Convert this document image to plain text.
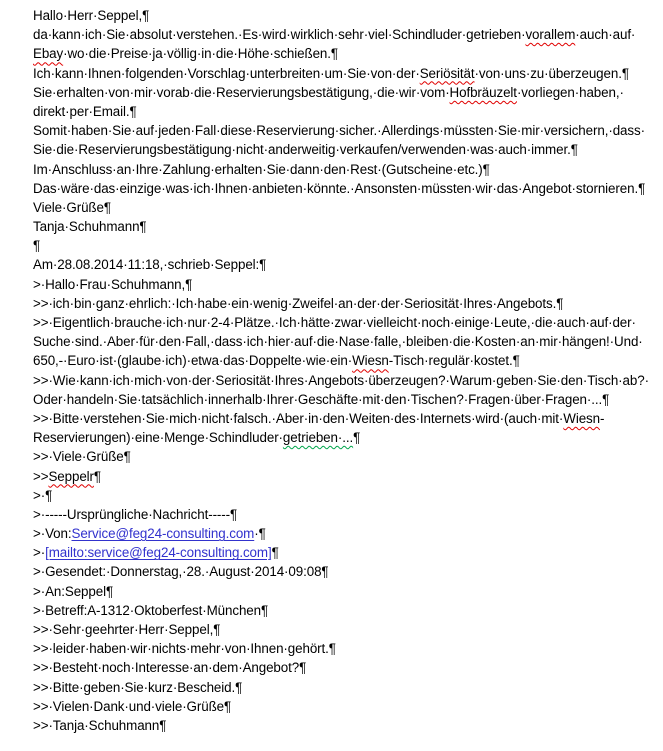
Hallo·Herr·Seppel,¶
da·kann·ich·Sie·absolut·verstehen.·Es·wird·wirklich·sehr·viel·Schindluder·getrieben·vorallem·auch·auf·
Ebay·wo·die·Preise·ja·völlig·in·die·Höhe·schießen.¶
Ich·kann·Ihnen·folgenden·Vorschlag·unterbreiten·um·Sie·von·der·Seriösität·von·uns·zu·überzeugen.¶
Sie·erhalten·von·mir·vorab·die·Reservierungsbestätigung,·die·wir·vom·Hofbräuzelt·vorliegen·haben,·
direkt·per·Email.¶
Somit·haben·Sie·auf·jeden·Fall·diese·Reservierung·sicher.·Allerdings·müssten·Sie·mir·versichern,·dass·
Sie·die·Reservierungsbestätigung·nicht·anderweitig·verkaufen/verwenden·was·auch·immer.¶
Im·Anschluss·an·Ihre·Zahlung·erhalten·Sie·dann·den·Rest·(Gutscheine·etc.)¶
Das·wäre·das·einzige·was·ich·Ihnen·anbieten·könnte.·Ansonsten·müssten·wir·das·Angebot·stornieren.¶
Viele·Grüße¶
Tanja·Schuhmann¶
¶
Am·28.08.2014·11:18,·schrieb·Seppel:¶
>·Hallo·Frau·Schuhmann,¶
>>·ich·bin·ganz·ehrlich:·Ich·habe·ein·wenig·Zweifel·an·der·der·Seriosität·Ihres·Angebots.¶
>>·Eigentlich·brauche·ich·nur·2-4·Plätze.·Ich·hätte·zwar·vielleicht·noch·einige·Leute,·die·auch·auf·der·
Suche·sind.·Aber·für·den·Fall,·dass·ich·hier·auf·die·Nase·falle,·bleiben·die·Kosten·an·mir·hängen!·Und·
650,-·Euro·ist·(glaube·ich)·etwa·das·Doppelte·wie·ein·Wiesn-Tisch·regulär·kostet.¶
>>·Wie·kann·ich·mich·von·der·Seriosität·Ihres·Angebots·überzeugen?·Warum·geben·Sie·den·Tisch·ab?·
Oder·handeln·Sie·tatsächlich·innerhalb·Ihrer·Geschäfte·mit·den·Tischen?·Fragen·über·Fragen·...¶
>>·Bitte·verstehen·Sie·mich·nicht·falsch.·Aber·in·den·Weiten·des·Internets·wird·(auch·mit·Wiesn-
Reservierungen)·eine·Menge·Schindluder·getrieben·...¶
>>·Viele·Grüße¶
>>Seppelr¶
>·¶
>·-----Ursprüngliche·Nachricht-----¶
>·Von:Service@feg24-consulting.com·¶
>·[mailto:service@feg24-consulting.com]¶
>·Gesendet:·Donnerstag,·28.·August·2014·09:08¶
>·An:Seppel¶
>·Betreff:A-1312·Oktoberfest·München¶
>>·Sehr·geehrter·Herr·Seppel,¶
>>·leider·haben·wir·nichts·mehr·von·Ihnen·gehört.¶
>>·Besteht·noch·Interesse·an·dem·Angebot?¶
>>·Bitte·geben·Sie·kurz·Bescheid.¶
>>·Vielen·Dank·und·viele·Grüße¶
>>·Tanja·Schuhmann¶
